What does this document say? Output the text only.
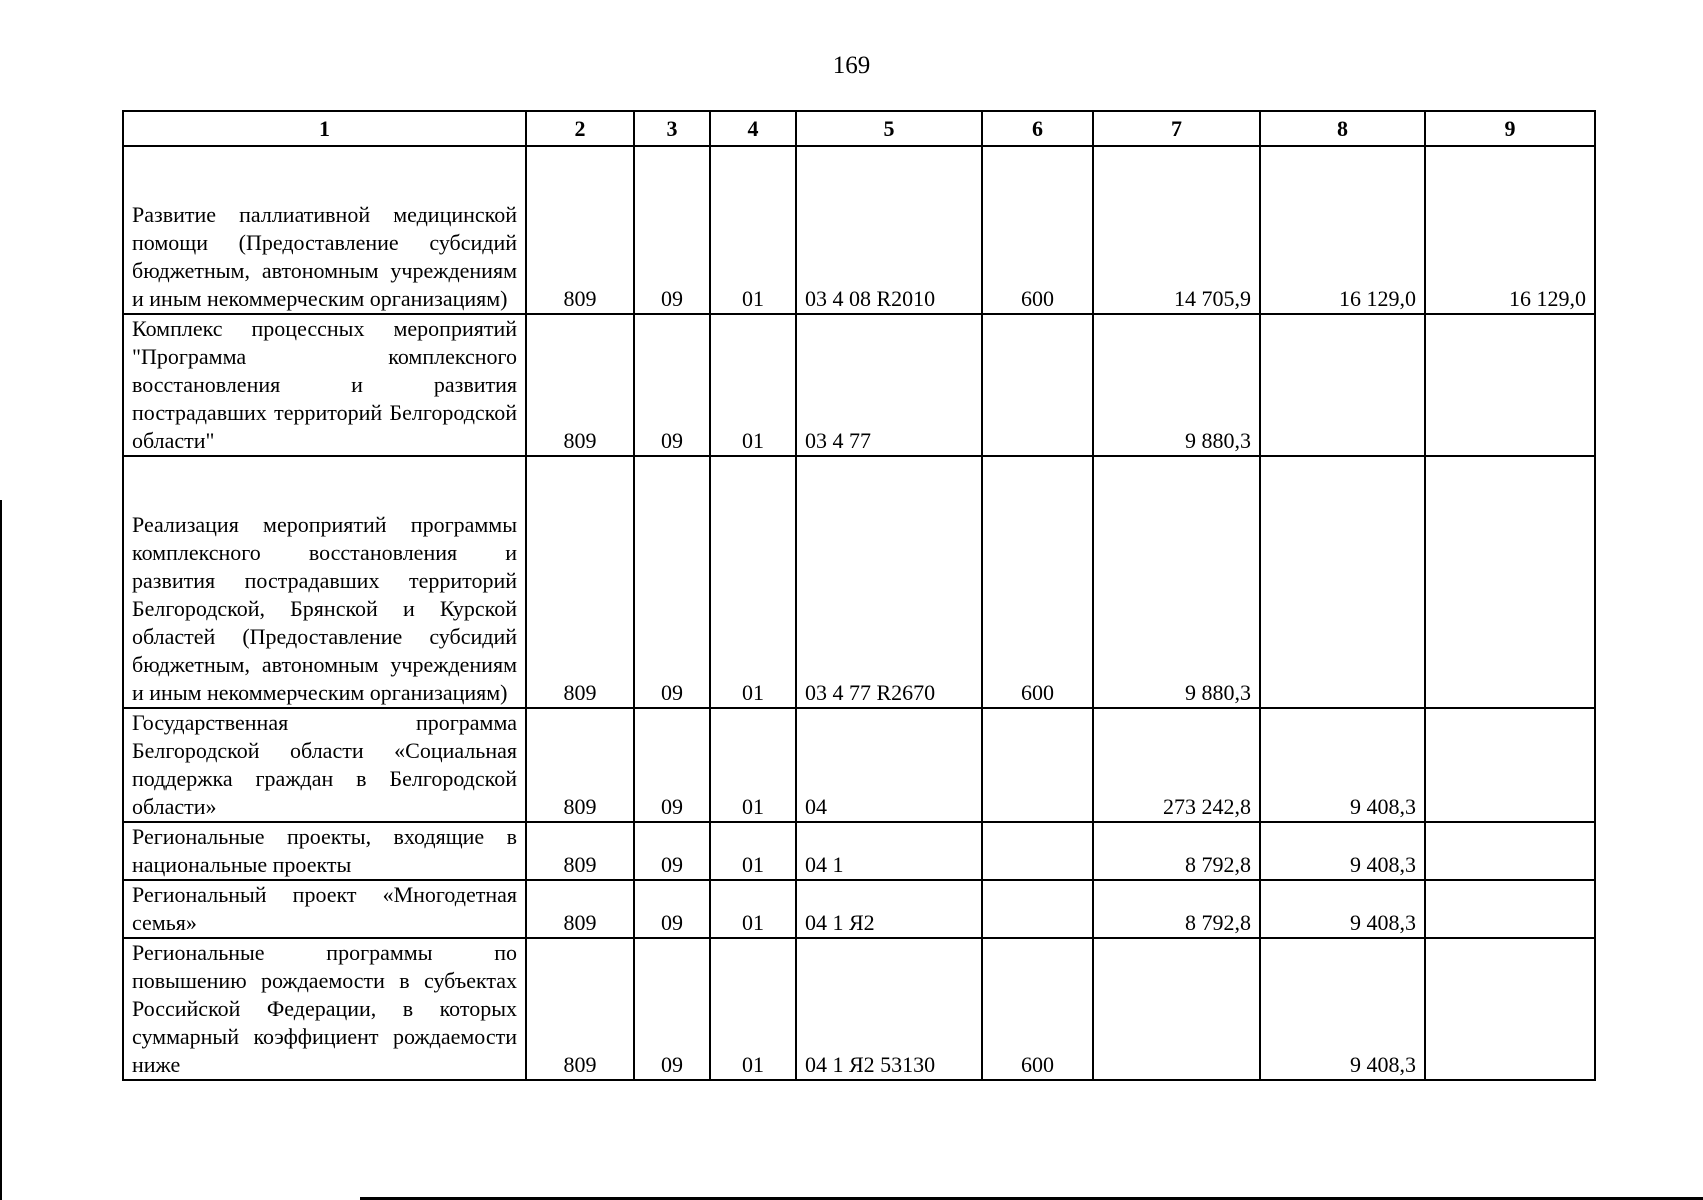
169
1	2	3	4	5	6	7	8	9
Развитие паллиативной медицинской помощи (Предоставление субсидий бюджетным, автономным учреждениям и иным некоммерческим организациям)	809	09	01	03 4 08 R2010	600	14 705,9	16 129,0	16 129,0
Комплекс процессных мероприятий "Программа комплексного восстановления и развития пострадавших территорий Белгородской области"	809	09	01	03 4 77		9 880,3		
Реализация мероприятий программы комплексного восстановления и развития пострадавших территорий Белгородской, Брянской и Курской областей (Предоставление субсидий бюджетным, автономным учреждениям и иным некоммерческим организациям)	809	09	01	03 4 77 R2670	600	9 880,3		
Государственная программа Белгородской области «Социальная поддержка граждан в Белгородской области»	809	09	01	04		273 242,8	9 408,3	
Региональные проекты, входящие в национальные проекты	809	09	01	04 1		8 792,8	9 408,3	
Региональный проект «Многодетная семья»	809	09	01	04 1 Я2		8 792,8	9 408,3	
Региональные программы по повышению рождаемости в субъектах Российской Федерации, в которых суммарный коэффициент рождаемости ниже	809	09	01	04 1 Я2 53130	600		9 408,3	
